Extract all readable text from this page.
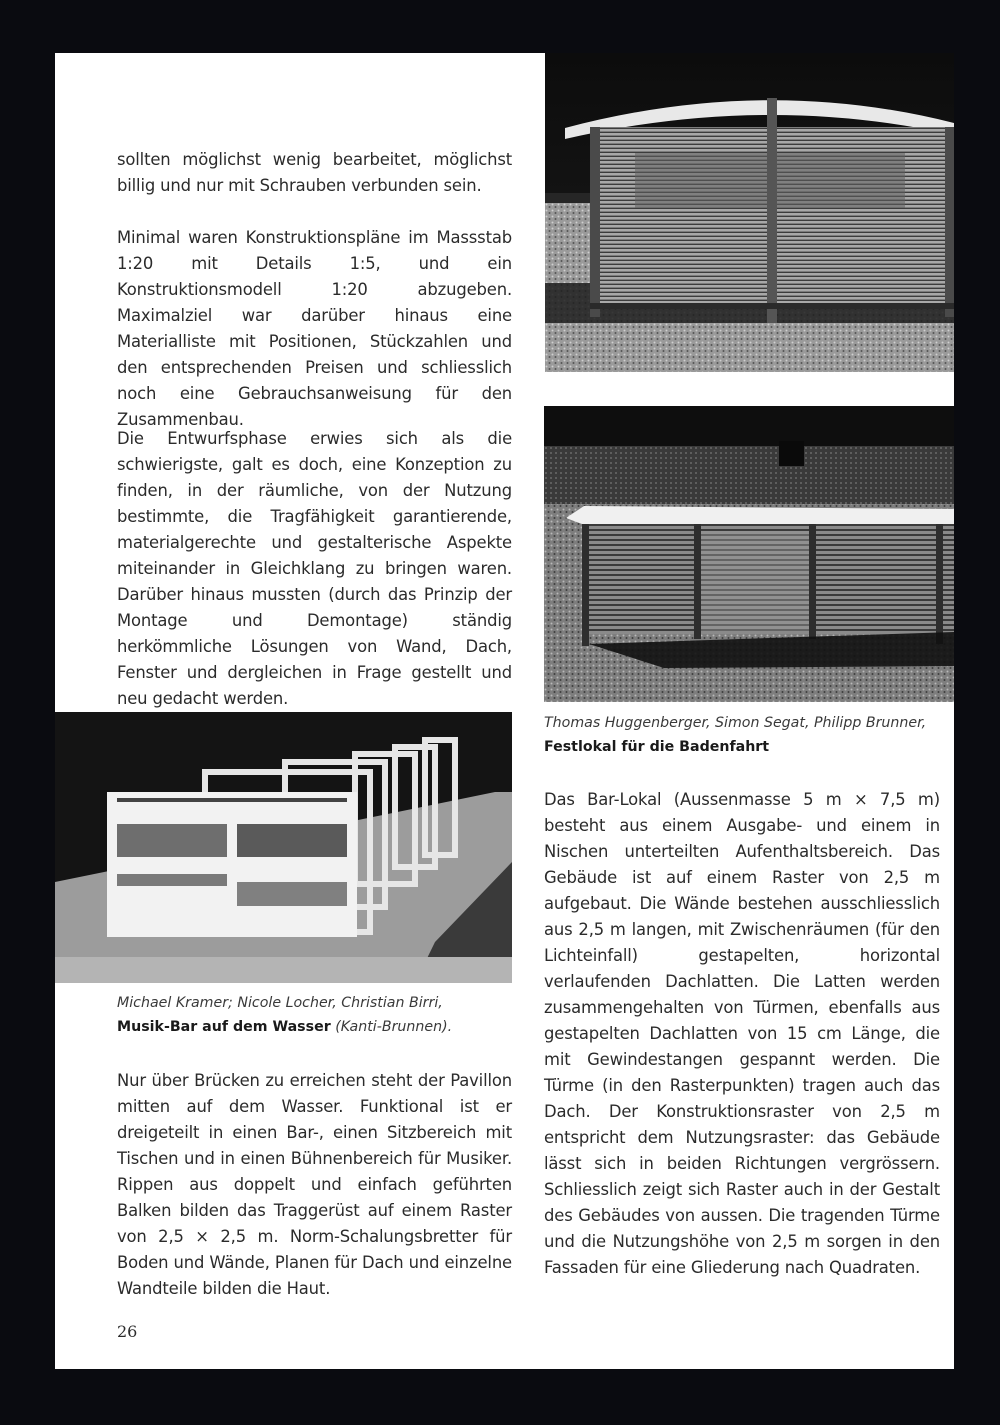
sollten möglichst wenig bearbeitet, möglichst billig und nur mit Schrauben verbunden sein.

Minimal waren Konstruktionspläne im Massstab 1:20 mit Details 1:5, und ein Konstruktionsmodell 1:20 abzugeben. Maximalziel war darüber hinaus eine Materialliste mit Positionen, Stückzahlen und den entsprechenden Preisen und schliesslich noch eine Gebrauchsanweisung für den Zusammenbau.

Die Entwurfsphase erwies sich als die schwierigste, galt es doch, eine Konzeption zu finden, in der räumliche, von der Nutzung bestimmte, die Tragfähigkeit garantierende, materialgerechte und gestalterische Aspekte miteinander in Gleichklang zu bringen waren. Darüber hinaus mussten (durch das Prinzip der Montage und Demontage) ständig herkömmliche Lösungen von Wand, Dach, Fenster und dergleichen in Frage gestellt und neu gedacht werden.

Thomas Huggenberger, Simon Segat, Philipp Brunner, Festlokal für die Badenfahrt

Das Bar-Lokal (Aussenmasse 5 m × 7,5 m) besteht aus einem Ausgabe- und einem in Nischen unterteilten Aufenthaltsbereich. Das Gebäude ist auf einem Raster von 2,5 m aufgebaut. Die Wände bestehen ausschliesslich aus 2,5 m langen, mit Zwischenräumen (für den Lichteinfall) gestapelten, horizontal verlaufenden Dachlatten. Die Latten werden zusammengehalten von Türmen, ebenfalls aus gestapelten Dachlatten von 15 cm Länge, die mit Gewindestangen gespannt werden. Die Türme (in den Rasterpunkten) tragen auch das Dach. Der Konstruktionsraster von 2,5 m entspricht dem Nutzungsraster: das Gebäude lässt sich in beiden Richtungen vergrössern. Schliesslich zeigt sich Raster auch in der Gestalt des Gebäudes von aussen. Die tragenden Türme und die Nutzungshöhe von 2,5 m sorgen in den Fassaden für eine Gliederung nach Quadraten.

Michael Kramer; Nicole Locher, Christian Birri,
Musik-Bar auf dem Wasser (Kanti-Brunnen).

Nur über Brücken zu erreichen steht der Pavillon mitten auf dem Wasser. Funktional ist er dreigeteilt in einen Bar-, einen Sitzbereich mit Tischen und in einen Bühnenbereich für Musiker. Rippen aus doppelt und einfach geführten Balken bilden das Traggerüst auf einem Raster von 2,5 × 2,5 m. Norm-Schalungsbretter für Boden und Wände, Planen für Dach und einzelne Wandteile bilden die Haut.

26
